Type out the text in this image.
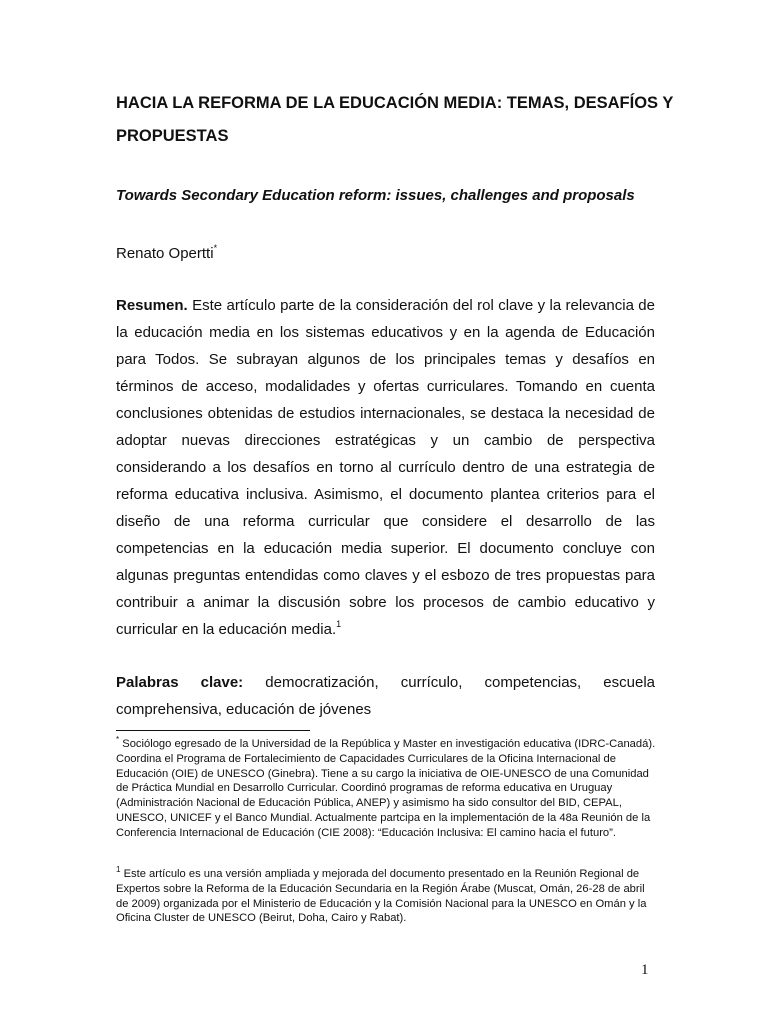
HACIA LA REFORMA DE LA EDUCACIÓN MEDIA: TEMAS, DESAFÍOS Y PROPUESTAS

Towards Secondary Education reform: issues, challenges and proposals

Renato Opertti*

Resumen. Este artículo parte de la consideración del rol clave y la relevancia de la educación media en los sistemas educativos y en la agenda de Educación para Todos. Se subrayan algunos de los principales temas y desafíos en términos de acceso, modalidades y ofertas curriculares. Tomando en cuenta conclusiones obtenidas de estudios internacionales, se destaca la necesidad de adoptar nuevas direcciones estratégicas y un cambio de perspectiva considerando a los desafíos en torno al currículo dentro de una estrategia de reforma educativa inclusiva. Asimismo, el documento plantea criterios para el diseño de una reforma curricular que considere el desarrollo de las competencias en la educación media superior. El documento concluye con algunas preguntas entendidas como claves y el esbozo de tres propuestas para contribuir a animar la discusión sobre los procesos de cambio educativo y curricular en la educación media.$^1$

Palabras clave: democratización, currículo, competencias, escuela

comprehensiva, educación de jóvenes

* Sociólogo egresado de la Universidad de la República y Master en investigación educativa (IDRC-Canadá). Coordina el Programa de Fortalecimiento de Capacidades Curriculares de la Oficina Internacional de Educación (OIE) de UNESCO (Ginebra). Tiene a su cargo la iniciativa de OIE-UNESCO de una Comunidad de Práctica Mundial en Desarrollo Curricular. Coordinó programas de reforma educativa en Uruguay (Administración Nacional de Educación Pública, ANEP) y asimismo ha sido consultor del BID, CEPAL, UNESCO, UNICEF y el Banco Mundial. Actualmente partcipa en la implementación de la 48a Reunión de la Conferencia Internacional de Educación (CIE 2008): “Educación Inclusiva: El camino hacia el futuro”.

$^1$ Este artículo es una versión ampliada y mejorada del documento presentado en la Reunión Regional de Expertos sobre la Reforma de la Educación Secundaria en la Región Árabe (Muscat, Omán, 26-28 de abril de 2009) organizada por el Ministerio de Educación y la Comisión Nacional para la UNESCO en Omán y la Oficina Cluster de UNESCO (Beirut, Doha, Cairo y Rabat).

1
